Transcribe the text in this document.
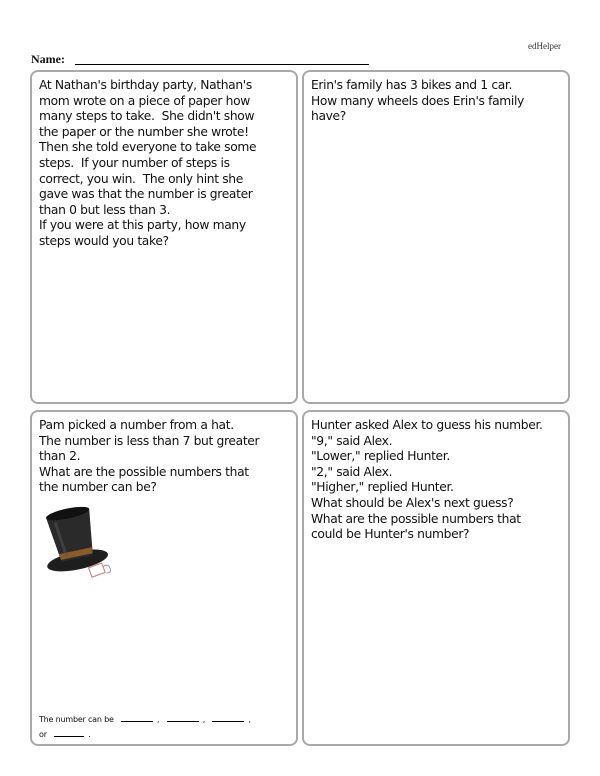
edHelper
Name:
At Nathan's birthday party, Nathan's
mom wrote on a piece of paper how
many steps to take.  She didn't show
the paper or the number she wrote!
Then she told everyone to take some
steps.  If your number of steps is
correct, you win.  The only hint she
gave was that the number is greater
than 0 but less than 3.
If you were at this party, how many
steps would you take?
Erin's family has 3 bikes and 1 car.
How many wheels does Erin's family
have?
Pam picked a number from a hat.
The number is less than 7 but greater
than 2.
What are the possible numbers that
the number can be?
The number can be	,	,	,
or	.
Hunter asked Alex to guess his number.
"9," said Alex.
"Lower," replied Hunter.
"2," said Alex.
"Higher," replied Hunter.
What should be Alex's next guess?
What are the possible numbers that
could be Hunter's number?
